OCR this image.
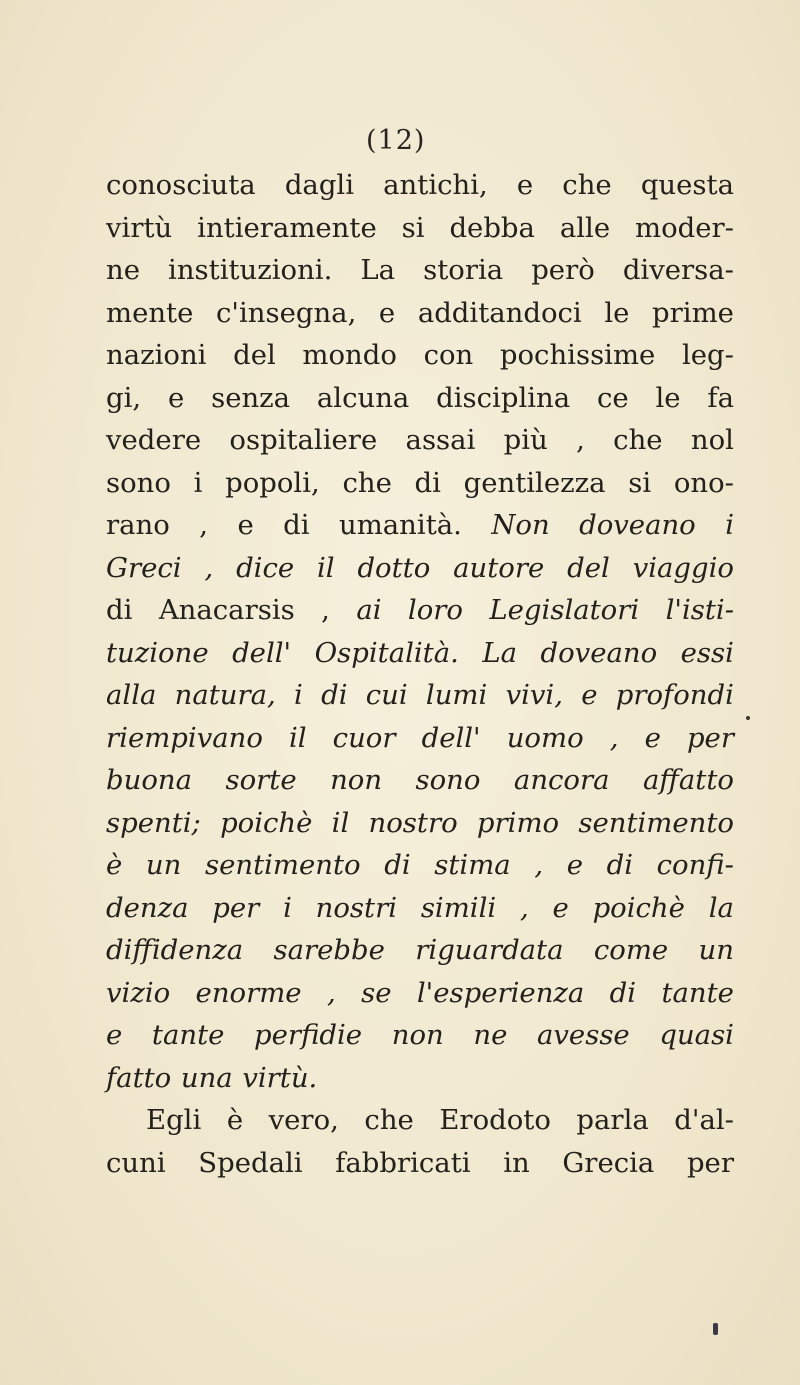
(12)
conosciuta dagli antichi, e che questa
virtù intieramente si debba alle moder-
ne instituzioni. La storia però diversa-
mente c'insegna, e additandoci le prime
nazioni del mondo con pochissime leg-
gi, e senza alcuna disciplina ce le fa
vedere ospitaliere assai più , che nol
sono i popoli, che di gentilezza si ono-
rano , e di umanità. Non doveano i
Greci , dice il dotto autore del viaggio
di Anacarsis , ai loro Legislatori l'isti-
tuzione dell' Ospitalità. La doveano essi
alla natura, i di cui lumi vivi, e profondi
riempivano il cuor dell' uomo , e per
buona sorte non sono ancora affatto
spenti; poichè il nostro primo sentimento
è un sentimento di stima , e di confi-
denza per i nostri simili , e poichè la
diffidenza sarebbe riguardata come un
vizio enorme , se l'esperienza di tante
e tante perfidie non ne avesse quasi
fatto una virtù.
Egli è vero, che Erodoto parla d'al-
cuni Spedali fabbricati in Grecia per
